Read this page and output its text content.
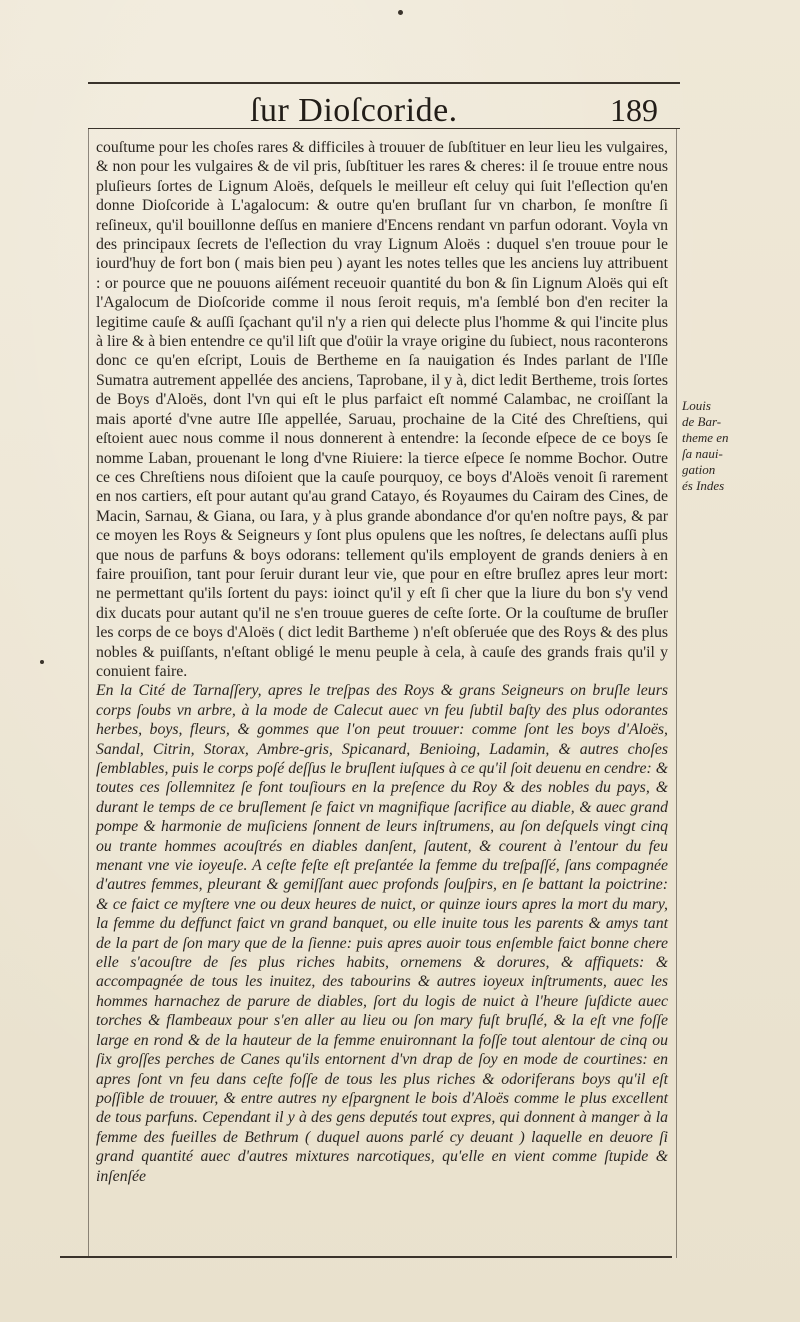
ſur Dioſcoride.	189

couſtume pour les choſes rares & difficiles à trouuer de ſubſtituer en leur lieu les vulgaires, & non pour les vulgaires & de vil pris, ſubſtituer les rares & cheres: il ſe trouue entre nous pluſieurs ſortes de Lignum Aloës, deſquels le meilleur eſt celuy qui ſuit l'eſlection qu'en donne Dioſcoride à L'agalocum: & outre qu'en bruſlant ſur vn charbon, ſe monſtre ſi reſineux, qu'il bouillonne deſſus en maniere d'Encens rendant vn parfun odorant. Voyla vn des principaux ſecrets de l'eſlection du vray Lignum Aloës : duquel s'en trouue pour le iourd'huy de fort bon ( mais bien peu ) ayant les notes telles que les anciens luy attribuent : or pource que ne pouuons aiſément receuoir quantité du bon & ſin Lignum Aloës qui eſt l'Agalocum de Dioſcoride comme il nous ſeroit requis, m'a ſemblé bon d'en reciter la legitime cauſe & auſſi ſçachant qu'il n'y a rien qui delecte plus l'homme & qui l'incite plus à lire & à bien entendre ce qu'il liſt que d'oüir la vraye origine du ſubiect, nous raconterons donc ce qu'en eſcript, Louis de Bertheme en ſa nauigation és Indes parlant de l'Iſle Sumatra autrement appellée des anciens, Taprobane, il y à, dict ledit Bertheme, trois ſortes de Boys d'Aloës, dont l'vn qui eſt le plus parfaict eſt nommé Calambac, ne croiſſant la mais aporté d'vne autre Iſle appellée, Saruau, prochaine de la Cité des Chreſtiens, qui eſtoient auec nous comme il nous donnerent à entendre: la ſeconde eſpece de ce boys ſe nomme Laban, prouenant le long d'vne Riuiere: la tierce eſpece ſe nomme Bochor. Outre ce ces Chreſtiens nous diſoient que la cauſe pourquoy, ce boys d'Aloës venoit ſi rarement en nos cartiers, eſt pour autant qu'au grand Catayo, és Royaumes du Cairam des Cines, de Macin, Sarnau, & Giana, ou Iara, y à plus grande abondance d'or qu'en noſtre pays, & par ce moyen les Roys & Seigneurs y ſont plus opulens que les noſtres, ſe delectans auſſi plus que nous de parfuns & boys odorans: tellement qu'ils employent de grands deniers à en faire prouiſion, tant pour ſeruir durant leur vie, que pour en eſtre bruſlez apres leur mort: ne permettant qu'ils ſortent du pays: ioinct qu'il y eſt ſi cher que la liure du bon s'y vend dix ducats pour autant qu'il ne s'en trouue gueres de ceſte ſorte. Or la couſtume de bruſler les corps de ce boys d'Aloës ( dict ledit Bartheme ) n'eſt obſeruée que des Roys & des plus nobles & puiſſants, n'eſtant obligé le menu peuple à cela, à cauſe des grands frais qu'il y conuient faire.

En la Cité de Tarnaſſery, apres le treſpas des Roys & grans Seigneurs on bruſle leurs corps ſoubs vn arbre, à la mode de Calecut auec vn feu ſubtil baſty des plus odorantes herbes, boys, fleurs, & gommes que l'on peut trouuer: comme ſont les boys d'Aloës, Sandal, Citrin, Storax, Ambre-gris, Spicanard, Benioing, Ladamin, & autres choſes ſemblables, puis le corps poſé deſſus le bruſlent iuſques à ce qu'il ſoit deuenu en cendre: & toutes ces ſollemnitez ſe font touſiours en la preſence du Roy & des nobles du pays, & durant le temps de ce bruſlement ſe faict vn magnifique ſacrifice au diable, & auec grand pompe & harmonie de muſiciens ſonnent de leurs inſtrumens, au ſon deſquels vingt cinq ou trante hommes acouſtrés en diables danſent, ſautent, & courent à l'entour du feu menant vne vie ioyeuſe. A ceſte feſte eſt preſantée la femme du treſpaſſé, ſans compagnée d'autres femmes, pleurant & gemiſſant auec profonds ſouſpirs, en ſe battant la poictrine: & ce faict ce myſtere vne ou deux heures de nuict, or quinze iours apres la mort du mary, la femme du deffunct faict vn grand banquet, ou elle inuite tous les parents & amys tant de la part de ſon mary que de la ſienne: puis apres auoir tous enſemble faict bonne chere elle s'acouſtre de ſes plus riches habits, ornemens & dorures, & affiquets: & accompagnée de tous les inuitez, des tabourins & autres ioyeux inſtruments, auec les hommes harnachez de parure de diables, ſort du logis de nuict à l'heure ſuſdicte auec torches & flambeaux pour s'en aller au lieu ou ſon mary fuſt bruſlé, & la eſt vne foſſe large en rond & de la hauteur de la femme enuironnant la foſſe tout alentour de cinq ou ſix groſſes perches de Canes qu'ils entornent d'vn drap de ſoy en mode de courtines: en apres ſont vn feu dans ceſte foſſe de tous les plus riches & odoriferans boys qu'il eſt poſſible de trouuer, & entre autres ny eſpargnent le bois d'Aloës comme le plus excellent de tous parfuns. Cependant il y à des gens deputés tout expres, qui donnent à manger à la femme des fueilles de Bethrum ( duquel auons parlé cy deuant ) laquelle en deuore ſi grand quantité auec d'autres mixtures narcotiques, qu'elle en vient comme ſtupide & inſenſée

Louis
de Bar-
theme en
ſa naui-
gation
és Indes
